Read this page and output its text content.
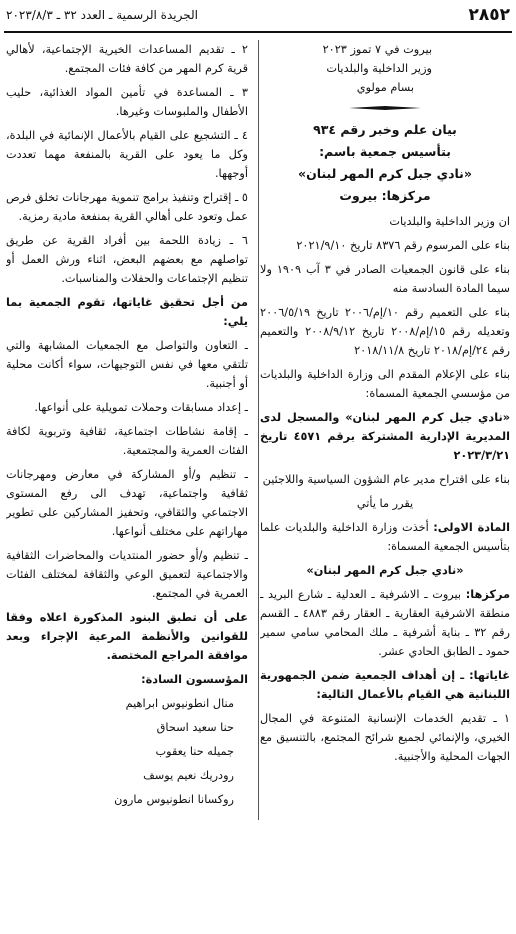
٢٨٥٢
الجريدة الرسمية ـ العدد ٣٢ ـ ٢٠٢٣/٨/٣

بيروت في ٧ تموز ٢٠٢٣

وزير الداخلية والبلديات

بسام مولوي

بيان علم وخبر رقم ٩٣٤

بتأسيس جمعية باسم:

«نادي جبل كرم المهر لبنان»

مركزها: بيروت

ان وزير الداخلية والبلديات

بناء على المرسوم رقم ٨٣٧٦ تاريخ ٢٠٢١/٩/١٠

بناء على قانون الجمعيات الصادر في ٣ آب ١٩٠٩ ولا سيما المادة السادسة منه

بناء على التعميم رقم ١٠/إم/٢٠٠٦ تاريخ ٢٠٠٦/٥/١٩ وتعديله رقم ١٥/إم/٢٠٠٨ تاريخ ٢٠٠٨/٩/١٢ والتعميم رقم ٢٤/إم/٢٠١٨ تاريخ ٢٠١٨/١١/٨

بناء على الإعلام المقدم الى وزارة الداخلية والبلديات من مؤسسي الجمعية المسماة:

«نادي جبل كرم المهر لبنان» والمسجل لدى المديرية الإدارية المشتركة برقم ٤٥٧١ تاريخ ٢٠٢٣/٣/٢١

بناء على اقتراح مدير عام الشؤون السياسية واللاجئين

يقرر ما يأتي

المادة الاولى: أخذت وزارة الداخلية والبلديات علما بتأسيس الجمعية المسماة:

«نادي جبل كرم المهر لبنان»

مركزها: بيروت ـ الاشرفية ـ العدلية ـ شارع البريد ـ منطقة الاشرفية العقارية ـ العقار رقم ٤٨٨٣ ـ القسم رقم ٣٢ ـ بناية أشرفية ـ ملك المحامي سامي سمير حمود ـ الطابق الحادي عشر.

غاياتها: ـ إن أهداف الجمعية ضمن الجمهورية اللبنانية هي القيام بالأعمال التالية:

١ ـ تقديم الخدمات الإنسانية المتنوعة في المجال الخيري، والإنمائي لجميع شرائح المجتمع، بالتنسيق مع الجهات المحلية والأجنبية.

٢ ـ تقديم المساعدات الخيرية الإجتماعية، لأهالي قرية كرم المهر من كافة فئات المجتمع.

٣ ـ المساعدة في تأمين المواد الغذائية، حليب الأطفال والملبوسات وغيرها.

٤ ـ التشجيع على القيام بالأعمال الإنمائية في البلدة، وكل ما يعود على القرية بالمنفعة مهما تعددت أوجهها.

٥ ـ إقتراح وتنفيذ برامج تنموية مهرجانات تخلق فرص عمل وتعود على أهالي القرية بمنفعة مادية رمزية.

٦ ـ زيادة اللحمة بين أفراد القرية عن طريق تواصلهم مع بعضهم البعض، اثناء ورش العمل أو تنظيم الإجتماعات والحفلات والمناسبات.

من أجل تحقيق غاياتها، تقوم الجمعية بما يلي:

ـ التعاون والتواصل مع الجمعيات المشابهة والتي تلتقي معها في نفس التوجيهات، سواء أكانت محلية أو أجنبية.

ـ إعداد مسابقات وحملات تمويلية على أنواعها.

ـ إقامة نشاطات اجتماعية، ثقافية وتربوية لكافة الفئات العمرية والمجتمعية.

ـ تنظيم و/أو المشاركة في معارض ومهرجانات ثقافية واجتماعية، تهدف الى رفع المستوى الاجتماعي والثقافي، وتحفيز المشاركين على تطوير مهاراتهم على مختلف أنواعها.

ـ تنظيم و/أو حضور المنتديات والمحاضرات الثقافية والاجتماعية لتعميق الوعي والثقافة لمختلف الفئات العمرية في المجتمع.

على أن تطبق البنود المذكورة اعلاه وفقا للقوانين والأنظمة المرعية الإجراء وبعد موافقة المراجع المختصة.

المؤسسون السادة:

منال انطونيوس ابراهيم

حنا سعيد اسحاق

جميله حنا يعقوب

رودريك نعيم يوسف

روكسانا انطونيوس مارون
